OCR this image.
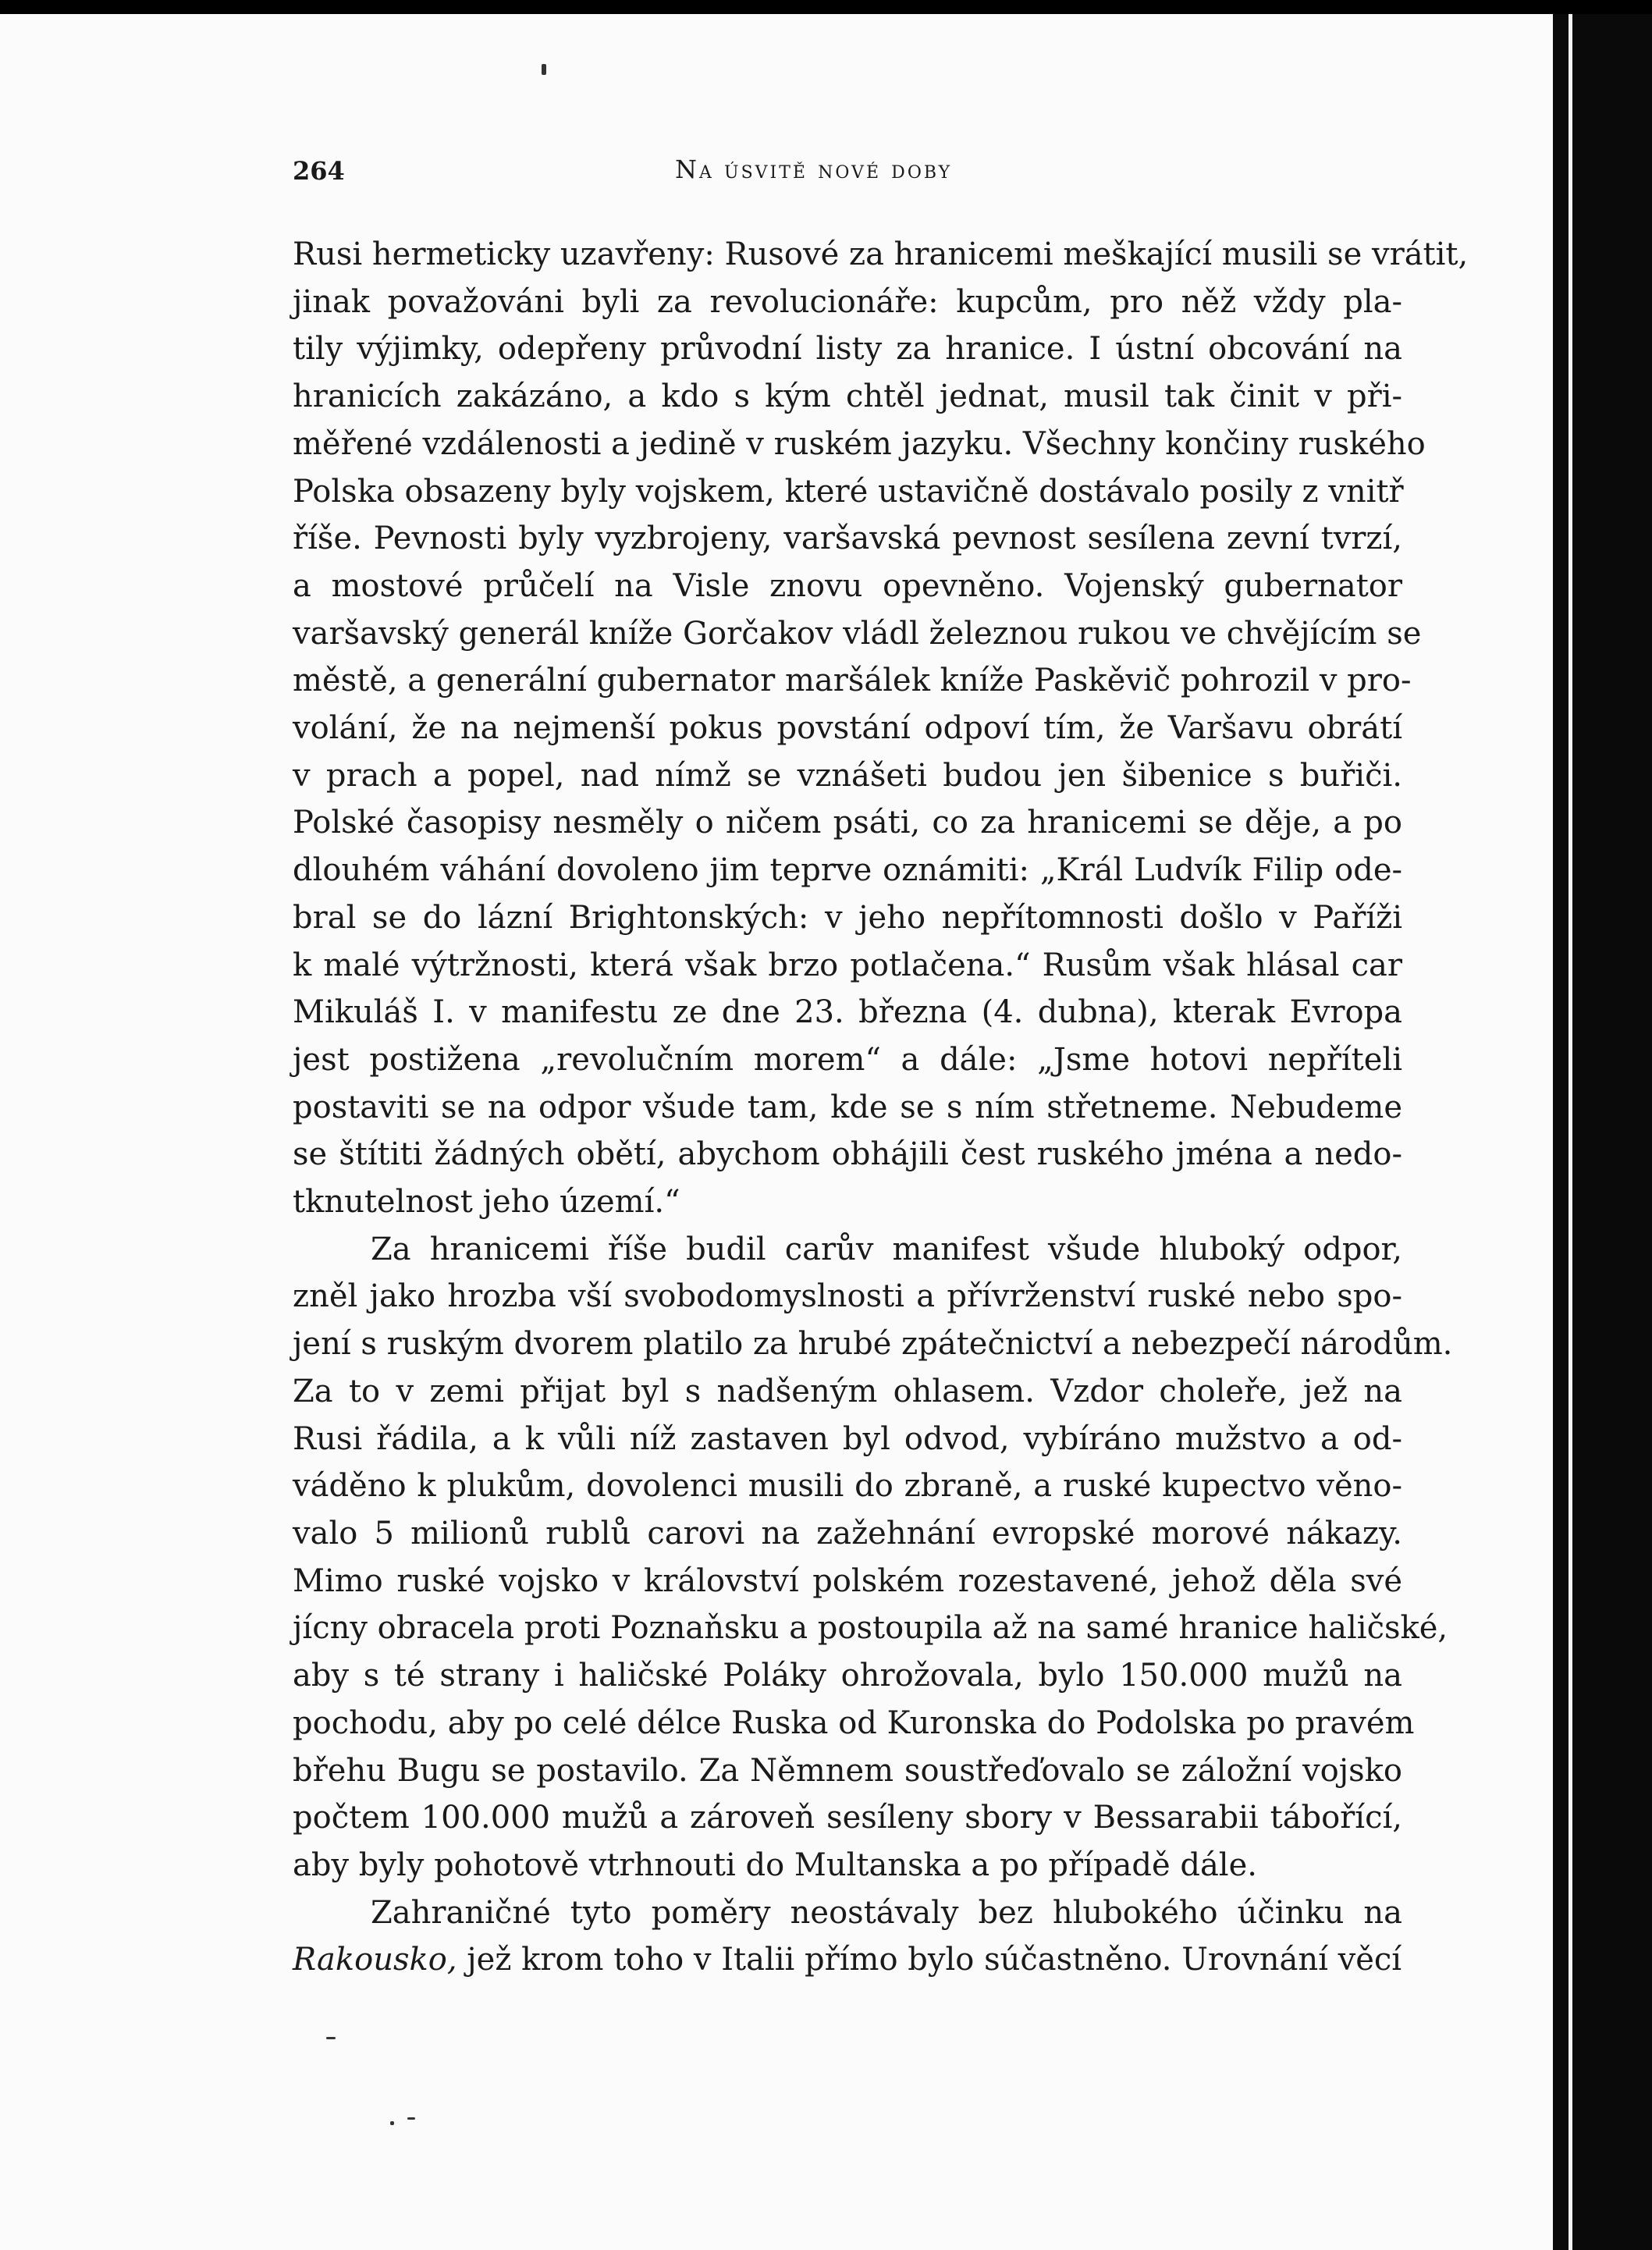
264	Na úsvitě nové doby
Rusi hermeticky uzavřeny: Rusové za hranicemi meškající musili se vrátit,
jinak považováni byli za revolucionáře: kupcům, pro něž vždy pla-
tily výjimky, odepřeny průvodní listy za hranice. I ústní obcování na
hranicích zakázáno, a kdo s kým chtěl jednat, musil tak činit v při-
měřené vzdálenosti a jedině v ruském jazyku. Všechny končiny ruského
Polska obsazeny byly vojskem, které ustavičně dostávalo posily z vnitř
říše. Pevnosti byly vyzbrojeny, varšavská pevnost sesílena zevní tvrzí,
a mostové průčelí na Visle znovu opevněno. Vojenský gubernator
varšavský generál kníže Gorčakov vládl železnou rukou ve chvějícím se
městě, a generální gubernator maršálek kníže Paskěvič pohrozil v pro-
volání, že na nejmenší pokus povstání odpoví tím, že Varšavu obrátí
v prach a popel, nad nímž se vznášeti budou jen šibenice s buřiči.
Polské časopisy nesměly o ničem psáti, co za hranicemi se děje, a po
dlouhém váhání dovoleno jim teprve oznámiti: „Král Ludvík Filip ode-
bral se do lázní Brightonských: v jeho nepřítomnosti došlo v Paříži
k malé výtržnosti, která však brzo potlačena.“ Rusům však hlásal car
Mikuláš I. v manifestu ze dne 23. března (4. dubna), kterak Evropa
jest postižena „revolučním morem“ a dále: „Jsme hotovi nepříteli
postaviti se na odpor všude tam, kde se s ním střetneme. Nebudeme
se štítiti žádných obětí, abychom obhájili čest ruského jména a nedo-
tknutelnost jeho území.“
Za hranicemi říše budil carův manifest všude hluboký odpor,
zněl jako hrozba vší svobodomyslnosti a přívrženství ruské nebo spo-
jení s ruským dvorem platilo za hrubé zpátečnictví a nebezpečí národům.
Za to v zemi přijat byl s nadšeným ohlasem. Vzdor choleře, jež na
Rusi řádila, a k vůli níž zastaven byl odvod, vybíráno mužstvo a od-
váděno k plukům, dovolenci musili do zbraně, a ruské kupectvo věno-
valo 5 milionů rublů carovi na zažehnání evropské morové nákazy.
Mimo ruské vojsko v království polském rozestavené, jehož děla své
jícny obracela proti Poznaňsku a postoupila až na samé hranice haličské,
aby s té strany i haličské Poláky ohrožovala, bylo 150.000 mužů na
pochodu, aby po celé délce Ruska od Kuronska do Podolska po pravém
břehu Bugu se postavilo. Za Němnem soustřeďovalo se záložní vojsko
počtem 100.000 mužů a zároveň sesíleny sbory v Bessarabii tábořící,
aby byly pohotově vtrhnouti do Multanska a po případě dále.
Zahraničné tyto poměry neostávaly bez hlubokého účinku na
Rakousko, jež krom toho v Italii přímo bylo súčastněno. Urovnání věcí
